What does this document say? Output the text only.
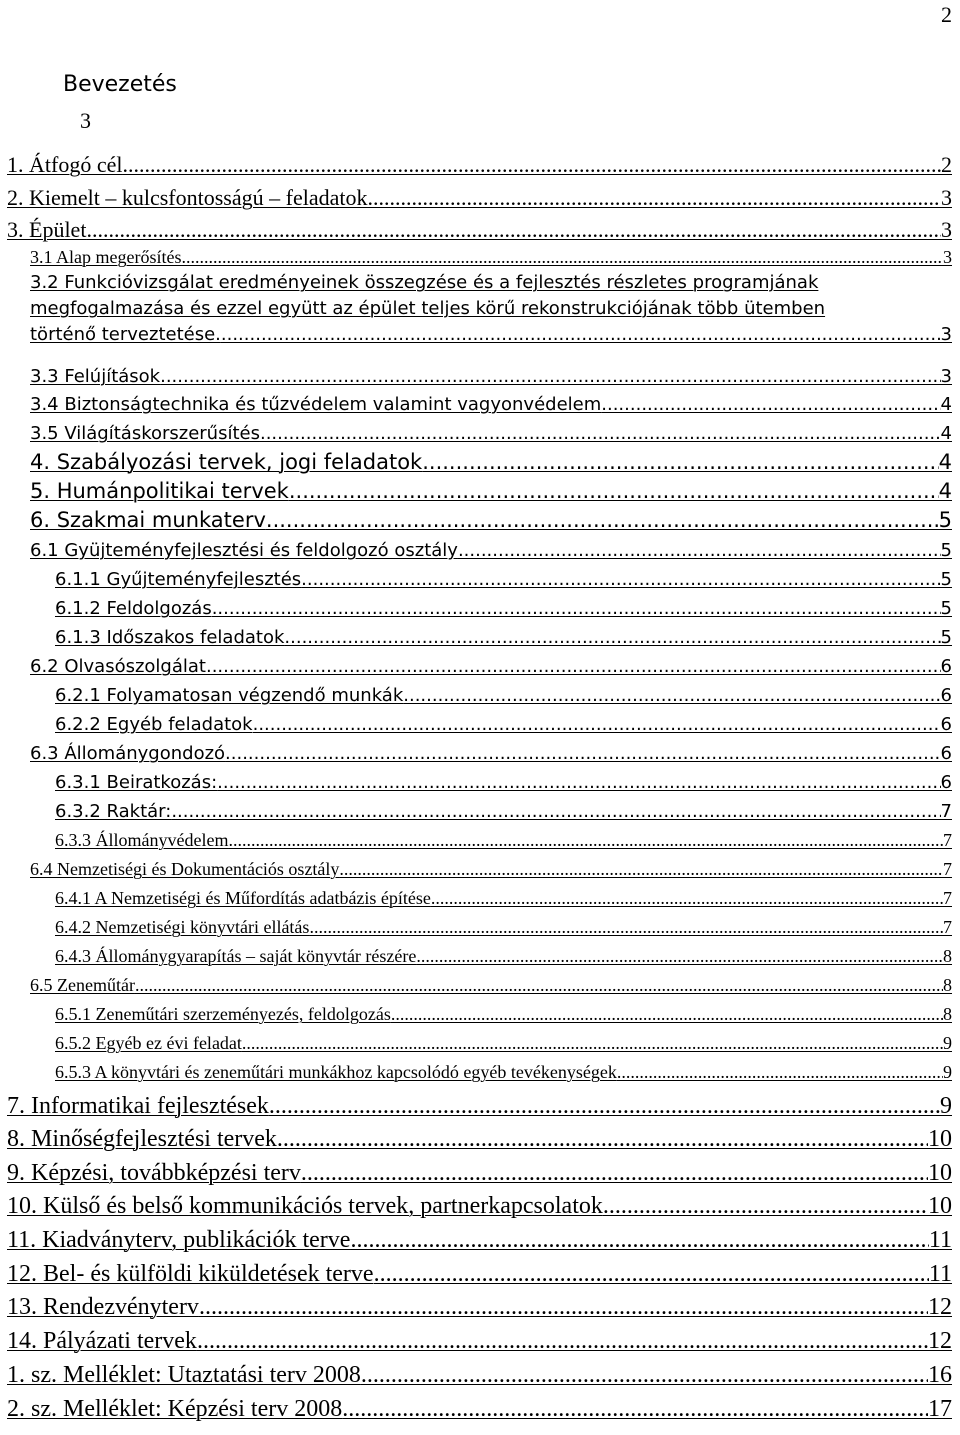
2
Bevezetés
3
1. Átfogó cél .....	2
2. Kiemelt – kulcsfontosságú – feladatok .....	3
3. Épület .....	3
3.1 Alap megerősítés .....	3
3.2 Funkcióvizsgálat eredményeinek összegzése és a fejlesztés részletes programjának
megfogalmazása és ezzel együtt az épület teljes körű rekonstrukciójának több ütemben
történő terveztetése. .....	3
3.3 Felújítások .....	3
3.4 Biztonságtechnika és tűzvédelem valamint vagyonvédelem .....	4
3.5 Világításkorszerűsítés .....	4
4. Szabályozási tervek, jogi feladatok .....	4
5. Humánpolitikai tervek .....	4
6. Szakmai munkaterv .....	5
6.1 Gyüjteményfejlesztési és feldolgozó osztály .....	5
6.1.1 Gyűjteményfejlesztés .....	5
6.1.2 Feldolgozás .....	5
6.1.3 Időszakos feladatok .....	5
6.2 Olvasószolgálat .....	6
6.2.1 Folyamatosan végzendő munkák .....	6
6.2.2 Egyéb feladatok .....	6
6.3 Állománygondozó .....	6
6.3.1 Beiratkozás: .....	6
6.3.2 Raktár: .....	7
6.3.3 Állományvédelem .....	7
6.4 Nemzetiségi és Dokumentációs osztály .....	7
6.4.1 A Nemzetiségi és Műfordítás adatbázis építése .....	7
6.4.2 Nemzetiségi könyvtári ellátás .....	7
6.4.3 Állománygyarapítás – saját könyvtár részére .....	8
6.5 Zeneműtár .....	8
6.5.1 Zeneműtári szerzeményezés, feldolgozás .....	8
6.5.2 Egyéb ez évi feladat .....	9
6.5.3 A könyvtári és zeneműtári munkákhoz kapcsolódó egyéb tevékenységek .....	9
7. Informatikai fejlesztések .....	9
8. Minőségfejlesztési tervek .....	10
9. Képzési, továbbképzési terv .....	10
10. Külső és belső kommunikációs tervek, partnerkapcsolatok .....	10
11. Kiadványterv, publikációk terve .....	11
12. Bel- és külföldi kiküldetések terve .....	11
13. Rendezvényterv .....	12
14. Pályázati tervek .....	12
1. sz. Melléklet: Utaztatási terv 2008 .....	16
2. sz. Melléklet: Képzési terv 2008 .....	17
